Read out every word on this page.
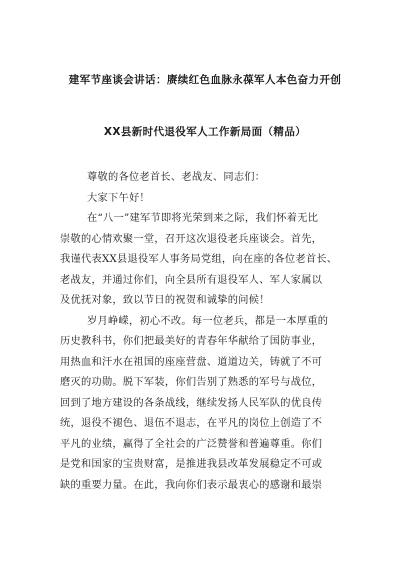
建军节座谈会讲话：赓续红色血脉永葆军人本色奋力开创
XX县新时代退役军人工作新局面（精品）
尊敬的各位老首长、老战友、同志们：
大家下午好！
在“八一”建军节即将光荣到来之际，我们怀着无比
崇敬的心情欢聚一堂，召开这次退役老兵座谈会。首先，
我谨代表XX县退役军人事务局党组，向在座的各位老首长、
老战友，并通过你们，向全县所有退役军人、军人家属以
及优抚对象，致以节日的祝贺和诚挚的问候！
岁月峥嵘，初心不改。每一位老兵，都是一本厚重的
历史教科书，你们把最美好的青春年华献给了国防事业，
用热血和汗水在祖国的座座营盘、道道边关，铸就了不可
磨灭的功勋。脱下军装，你们告别了熟悉的军号与战位，
回到了地方建设的各条战线，继续发扬人民军队的优良传
统，退役不褪色、退伍不退志，在平凡的岗位上创造了不
平凡的业绩，赢得了全社会的广泛赞誉和普遍尊重。你们
是党和国家的宝贵财富，是推进我县改革发展稳定不可或
缺的重要力量。在此，我向你们表示最衷心的感谢和最崇
